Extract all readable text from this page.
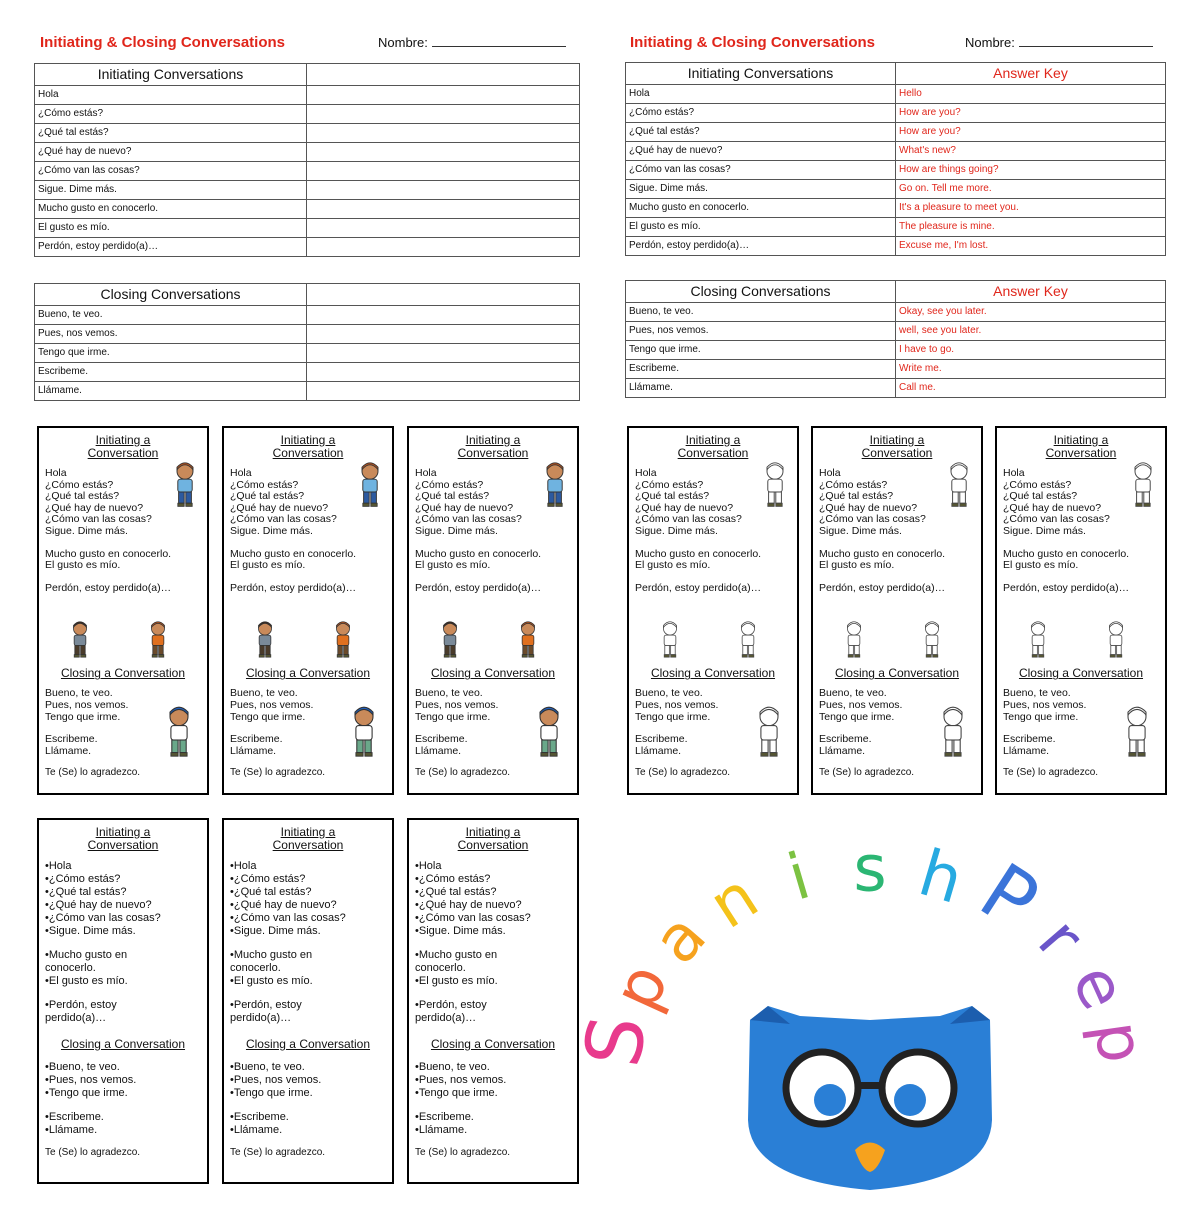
Initiating & Closing Conversations	Nombre:
Initiating Conversations	
Hola	
¿Cómo estás?	
¿Qué tal estás?	
¿Qué hay de nuevo?	
¿Cómo van las cosas?	
Sigue. Dime más.	
Mucho gusto en conocerlo.	
El gusto es mío.	
Perdón, estoy perdido(a)…	
Closing Conversations	
Bueno, te veo.	
Pues, nos vemos.	
Tengo que irme.	
Escribeme.	
Llámame.	
Initiating & Closing Conversations	Nombre:
Initiating Conversations	Answer Key
Hola	Hello
¿Cómo estás?	How are you?
¿Qué tal estás?	How are you?
¿Qué hay de nuevo?	What's new?
¿Cómo van las cosas?	How are things going?
Sigue. Dime más.	Go on. Tell me more.
Mucho gusto en conocerlo.	It's a pleasure to meet you.
El gusto es mío.	The pleasure is mine.
Perdón, estoy perdido(a)…	Excuse me, I'm lost.
Closing Conversations	Answer Key
Bueno, te veo.	Okay, see you later.
Pues, nos vemos.	well, see you later.
Tengo que irme.	I have to go.
Escribeme.	Write me.
Llámame.	Call me.
Initiating a
Conversation
Hola
¿Cómo estás?
¿Qué tal estás?
¿Qué hay de nuevo?
¿Cómo van las cosas?
Sigue. Dime más.
Mucho gusto en conocerlo.
El gusto es mío.
Perdón, estoy perdido(a)…
Closing a Conversation
Bueno, te veo.
Pues, nos vemos.
Tengo que irme.
Escribeme.
Llámame.
Te (Se) lo agradezco.
Initiating a
Conversation
Hola
¿Cómo estás?
¿Qué tal estás?
¿Qué hay de nuevo?
¿Cómo van las cosas?
Sigue. Dime más.
Mucho gusto en conocerlo.
El gusto es mío.
Perdón, estoy perdido(a)…
Closing a Conversation
Bueno, te veo.
Pues, nos vemos.
Tengo que irme.
Escribeme.
Llámame.
Te (Se) lo agradezco.
Initiating a
Conversation
Hola
¿Cómo estás?
¿Qué tal estás?
¿Qué hay de nuevo?
¿Cómo van las cosas?
Sigue. Dime más.
Mucho gusto en conocerlo.
El gusto es mío.
Perdón, estoy perdido(a)…
Closing a Conversation
Bueno, te veo.
Pues, nos vemos.
Tengo que irme.
Escribeme.
Llámame.
Te (Se) lo agradezco.
Initiating a
Conversation
Hola
¿Cómo estás?
¿Qué tal estás?
¿Qué hay de nuevo?
¿Cómo van las cosas?
Sigue. Dime más.
Mucho gusto en conocerlo.
El gusto es mío.
Perdón, estoy perdido(a)…
Closing a Conversation
Bueno, te veo.
Pues, nos vemos.
Tengo que irme.
Escribeme.
Llámame.
Te (Se) lo agradezco.
Initiating a
Conversation
Hola
¿Cómo estás?
¿Qué tal estás?
¿Qué hay de nuevo?
¿Cómo van las cosas?
Sigue. Dime más.
Mucho gusto en conocerlo.
El gusto es mío.
Perdón, estoy perdido(a)…
Closing a Conversation
Bueno, te veo.
Pues, nos vemos.
Tengo que irme.
Escribeme.
Llámame.
Te (Se) lo agradezco.
Initiating a
Conversation
Hola
¿Cómo estás?
¿Qué tal estás?
¿Qué hay de nuevo?
¿Cómo van las cosas?
Sigue. Dime más.
Mucho gusto en conocerlo.
El gusto es mío.
Perdón, estoy perdido(a)…
Closing a Conversation
Bueno, te veo.
Pues, nos vemos.
Tengo que irme.
Escribeme.
Llámame.
Te (Se) lo agradezco.
Initiating a
Conversation
•Hola
•¿Cómo estás?
•¿Qué tal estás?
•¿Qué hay de nuevo?
•¿Cómo van las cosas?
•Sigue. Dime más.
•Mucho gusto en
conocerlo.
•El gusto es mío.
•Perdón, estoy
perdido(a)…
Closing a Conversation
•Bueno, te veo.
•Pues, nos vemos.
•Tengo que irme.
•Escribeme.
•Llámame.
Te (Se) lo agradezco.
Initiating a
Conversation
•Hola
•¿Cómo estás?
•¿Qué tal estás?
•¿Qué hay de nuevo?
•¿Cómo van las cosas?
•Sigue. Dime más.
•Mucho gusto en
conocerlo.
•El gusto es mío.
•Perdón, estoy
perdido(a)…
Closing a Conversation
•Bueno, te veo.
•Pues, nos vemos.
•Tengo que irme.
•Escribeme.
•Llámame.
Te (Se) lo agradezco.
Initiating a
Conversation
•Hola
•¿Cómo estás?
•¿Qué tal estás?
•¿Qué hay de nuevo?
•¿Cómo van las cosas?
•Sigue. Dime más.
•Mucho gusto en
conocerlo.
•El gusto es mío.
•Perdón, estoy
perdido(a)…
Closing a Conversation
•Bueno, te veo.
•Pues, nos vemos.
•Tengo que irme.
•Escribeme.
•Llámame.
Te (Se) lo agradezco.
S
p
a
n i s h
P
r
e
p
